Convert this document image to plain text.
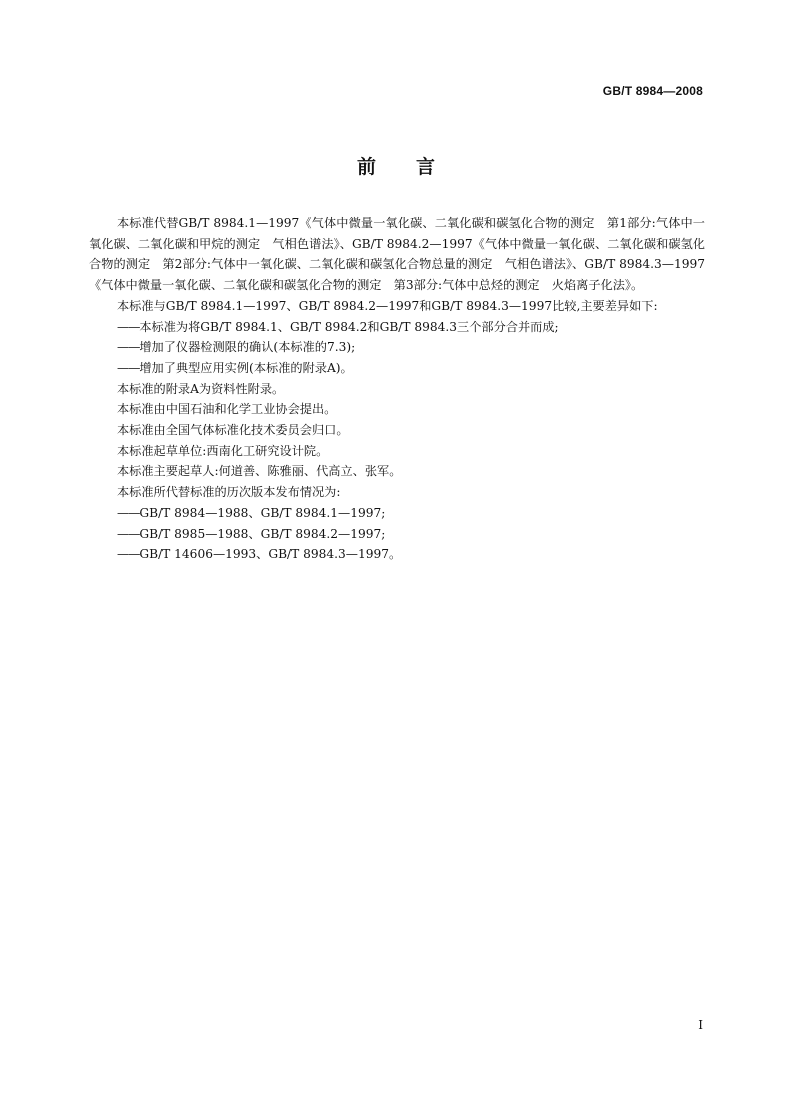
GB/T 8984—2008
前 言

本标准代替GB/T 8984.1—1997《气体中微量一氧化碳、二氧化碳和碳氢化合物的测定　第1部分:气体中一氧化碳、二氧化碳和甲烷的测定　气相色谱法》、GB/T 8984.2—1997《气体中微量一氧化碳、二氧化碳和碳氢化合物的测定　第2部分:气体中一氧化碳、二氧化碳和碳氢化合物总量的测定　气相色谱法》、GB/T 8984.3—1997《气体中微量一氧化碳、二氧化碳和碳氢化合物的测定　第3部分:气体中总烃的测定　火焰离子化法》。

本标准与GB/T 8984.1—1997、GB/T 8984.2—1997和GB/T 8984.3—1997比较,主要差异如下:

——本标准为将GB/T 8984.1、GB/T 8984.2和GB/T 8984.3三个部分合并而成;

——增加了仪器检测限的确认(本标准的7.3);

——增加了典型应用实例(本标准的附录A)。

本标准的附录A为资料性附录。

本标准由中国石油和化学工业协会提出。

本标准由全国气体标准化技术委员会归口。

本标准起草单位:西南化工研究设计院。

本标准主要起草人:何道善、陈雅丽、代高立、张军。

本标准所代替标准的历次版本发布情况为:

——GB/T 8984—1988、GB/T 8984.1—1997;

——GB/T 8985—1988、GB/T 8984.2—1997;

——GB/T 14606—1993、GB/T 8984.3—1997。

I
